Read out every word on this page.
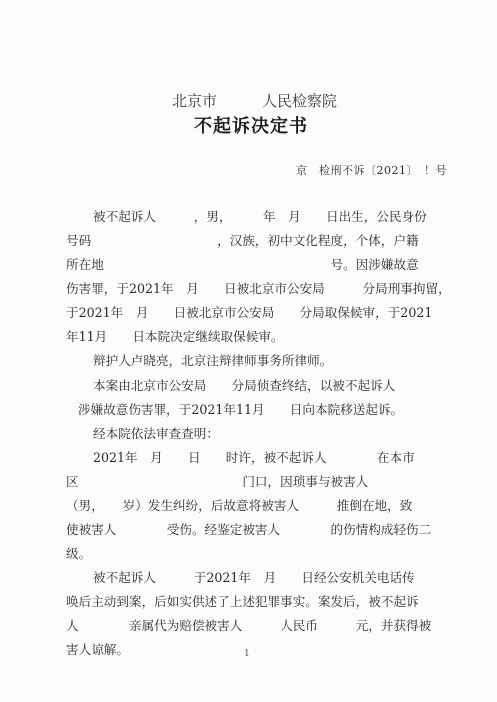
北京市　　　人民检察院
不起诉决定书
京　检刑不诉〔2021〕　！号
被不起诉人　　　，男，　　　年　月　　日出生，公民身份
号码　　　　　　　　　　，汉族，初中文化程度，个体，户籍
所在地　　　　　　　　　　　　　　　　　　号。因涉嫌故意
伤害罪，于2021年　月　　日被北京市公安局　　　分局刑事拘留，
于2021年　月　　日被北京市公安局　　分局取保候审，于2021
年11月　　日本院决定继续取保候审。
辩护人卢晓亮，北京注辩律师事务所律师。
本案由北京市公安局　　分局侦查终结，以被不起诉人
涉嫌故意伤害罪，于2021年11月　　日向本院移送起诉。
经本院依法审查查明：
2021年　月　　日　　时许，被不起诉人　　　　在本市
区　　　　　　　　　　　　　门口，因琐事与被害人
（男，　　岁）发生纠纷，后故意将被害人　　　推倒在地，致
使被害人　　　　受伤。经鉴定被害人　　　　的伤情构成轻伤二
级。
被不起诉人　　　于2021年　月　　日经公安机关电话传
唤后主动到案，后如实供述了上述犯罪事实。案发后，被不起诉
人　　　　亲属代为赔偿被害人　　　人民币　　　元，并获得被
害人谅解。	1
